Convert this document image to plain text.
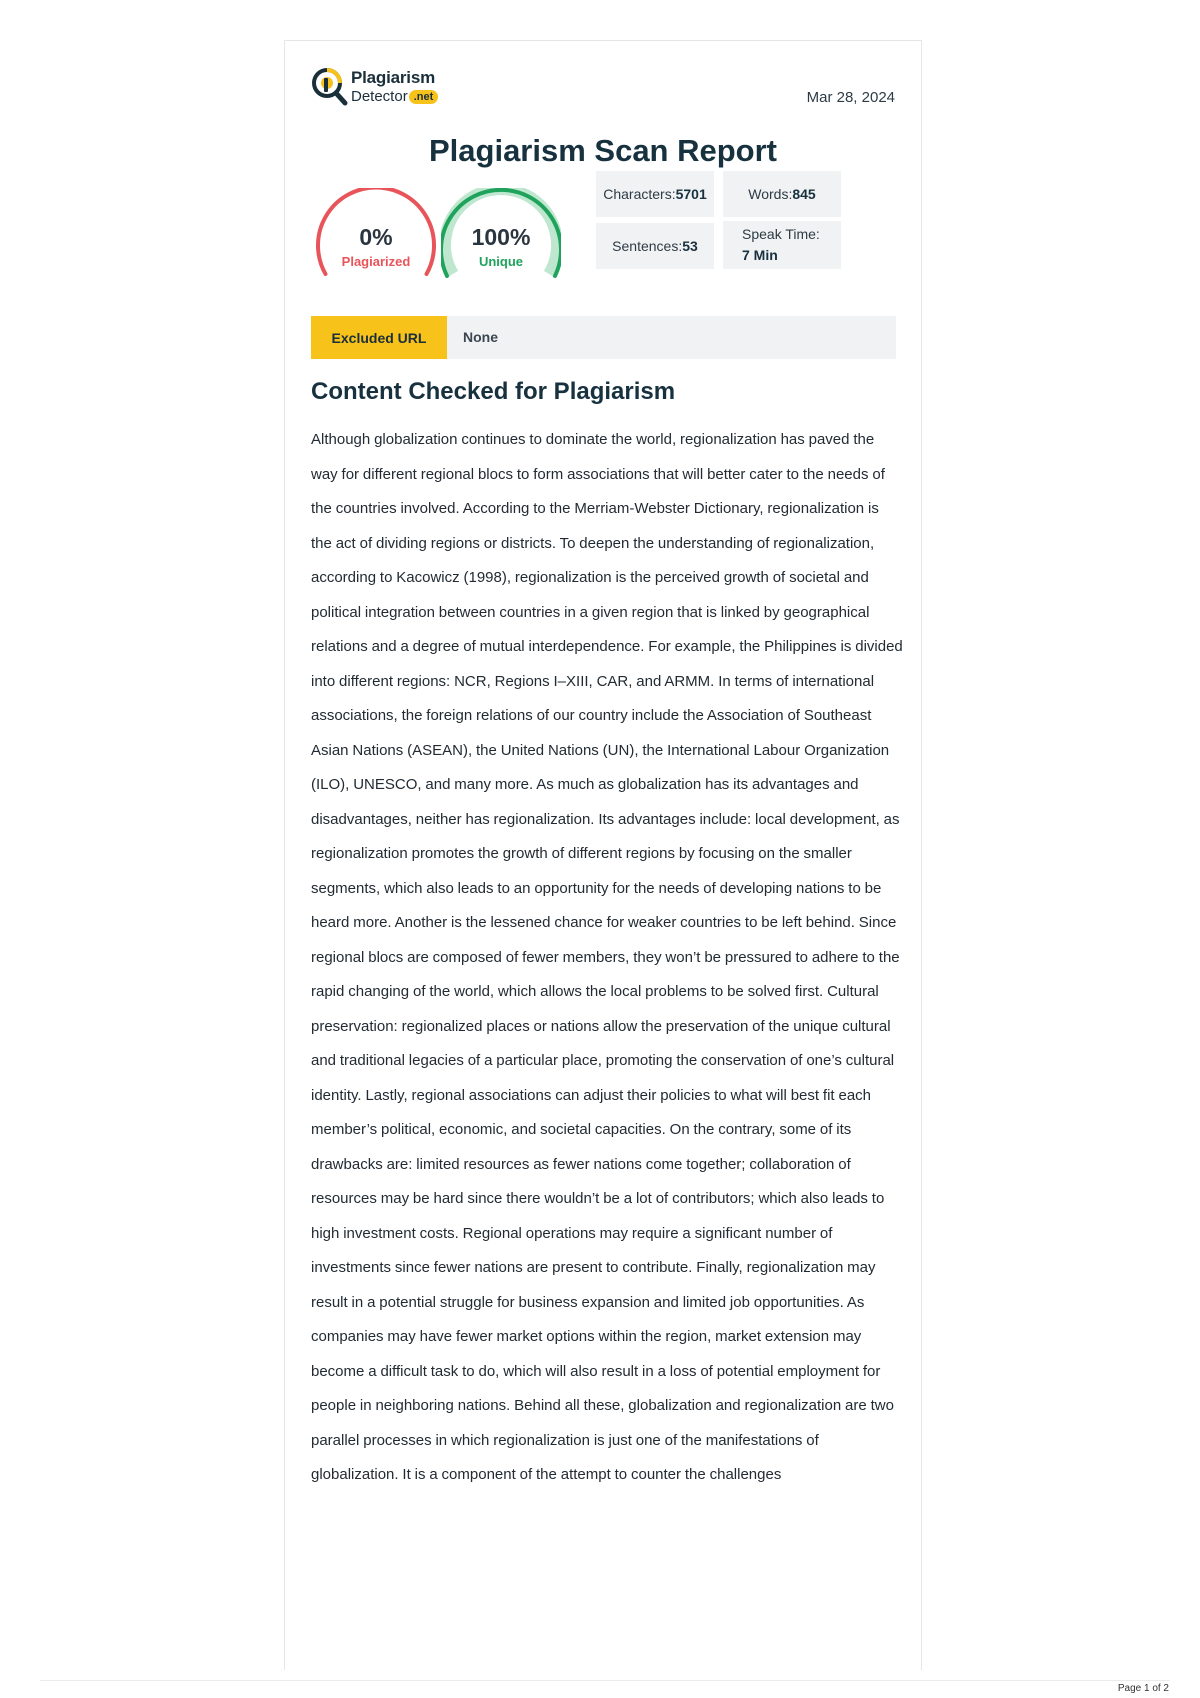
Plagiarism
Detector .net	Mar 28, 2024
Plagiarism Scan Report
0%
Plagiarized
100%
Unique
Characters: 5701	Words: 845
Sentences: 53
Speak Time:
7 Min
Excluded URL	None
Content Checked for Plagiarism

Although globalization continues to dominate the world, regionalization has paved the way for different regional blocs to form associations that will better cater to the needs of the countries involved. According to the Merriam-Webster Dictionary, regionalization is the act of dividing regions or districts. To deepen the understanding of regionalization, according to Kacowicz (1998), regionalization is the perceived growth of societal and political integration between countries in a given region that is linked by geographical relations and a degree of mutual interdependence. For example, the Philippines is divided into different regions: NCR, Regions I–XIII, CAR, and ARMM. In terms of international associations, the foreign relations of our country include the Association of Southeast Asian Nations (ASEAN), the United Nations (UN), the International Labour Organization (ILO), UNESCO, and many more. As much as globalization has its advantages and disadvantages, neither has regionalization. Its advantages include: local development, as regionalization promotes the growth of different regions by focusing on the smaller segments, which also leads to an opportunity for the needs of developing nations to be heard more. Another is the lessened chance for weaker countries to be left behind. Since regional blocs are composed of fewer members, they won’t be pressured to adhere to the rapid changing of the world, which allows the local problems to be solved first. Cultural preservation: regionalized places or nations allow the preservation of the unique cultural and traditional legacies of a particular place, promoting the conservation of one’s cultural identity. Lastly, regional associations can adjust their policies to what will best fit each member’s political, economic, and societal capacities. On the contrary, some of its drawbacks are: limited resources as fewer nations come together; collaboration of resources may be hard since there wouldn’t be a lot of contributors; which also leads to high investment costs. Regional operations may require a significant number of investments since fewer nations are present to contribute. Finally, regionalization may result in a potential struggle for business expansion and limited job opportunities. As companies may have fewer market options within the region, market extension may become a difficult task to do, which will also result in a loss of potential employment for people in neighboring nations. Behind all these, globalization and regionalization are two parallel processes in which regionalization is just one of the manifestations of globalization. It is a component of the attempt to counter the challenges

Page 1 of 2
